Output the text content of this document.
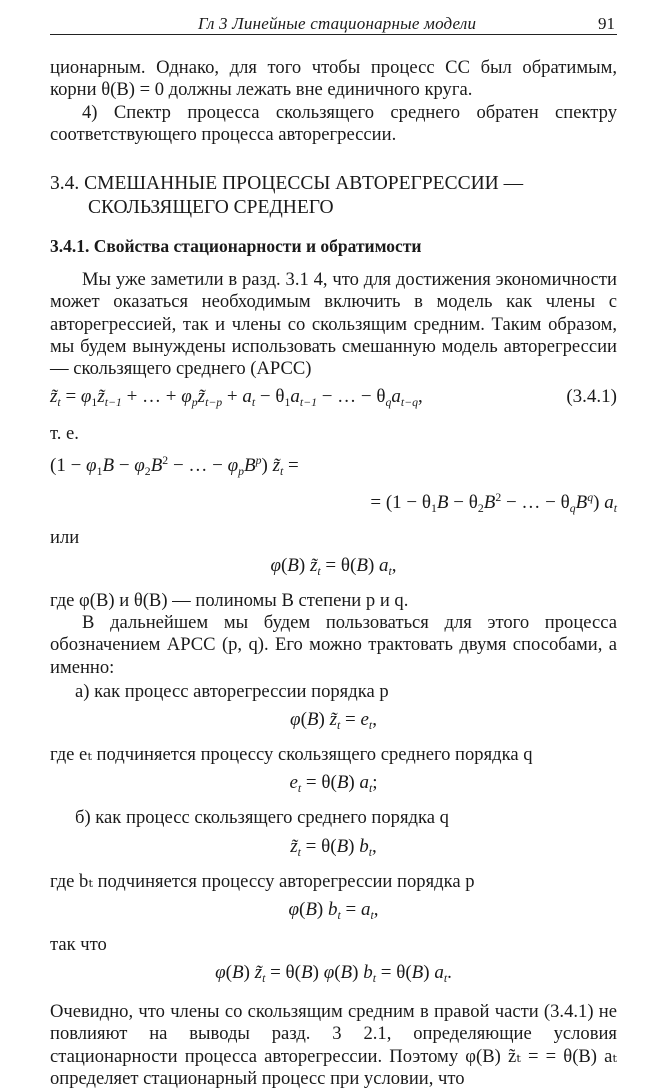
Гл 3 Линейные стационарные модели	91

ционарным. Однако, для того чтобы процесс СС был обратимым, корни θ(B) = 0 должны лежать вне единичного круга.

4) Спектр процесса скользящего среднего обратен спектру соответствующего процесса авторегрессии.

3.4. СМЕШАННЫЕ ПРОЦЕССЫ АВТОРЕГРЕССИИ —
СКОЛЬЗЯЩЕГО СРЕДНЕГО
3.4.1. Свойства стационарности и обратимости

Мы уже заметили в разд. 3.1 4, что для достижения экономичности может оказаться необходимым включить в модель как члены с авторегрессией, так и члены со скользящим средним. Таким образом, мы будем вынуждены использовать смешанную модель авторегрессии — скользящего среднего (АРСС)

$z̃_t$ = $\varphi_1z̃_{t-1}$ + … + $\varphi_pz̃_{t-p} + a_t - \theta_1a_{t-1}$ − … − $\theta_qa_{t-q}$,	(3.4.1)
т. е.
($1 - \varphi_1B - \varphi_2B^2$ − … − $\varphi_pB^p$) $z̃_t$ =
= ($1 - \theta_1B - \theta_2B^2$ − … − $\theta_qB^q$) $a_t$
или
φ(B) $z̃_t = \theta(B)$ $a_t$,

где φ(B) и θ(B) — полиномы B степени p и q.

В дальнейшем мы будем пользоваться для этого процесса обозначением АРСС (p, q). Его можно трактовать двумя способами, а именно:

а) как процесс авторегрессии порядка p
φ(B) $z̃_t = e_t$,

где eₜ подчиняется процессу скользящего среднего порядка q

$e_t = \theta(B)$ $a_t$;
б) как процесс скользящего среднего порядка q
$z̃_t = \theta(B)$ $b_t$,

где bₜ подчиняется процессу авторегрессии порядка p

φ(B) $b_t = a_t$,
так что
φ(B) $z̃_t = \theta(B)$ φ(B) $b_t = \theta(B)$ $a_t$.

Очевидно, что члены со скользящим средним в правой части (3.4.1) не повлияют на выводы разд. 3 2.1, определяющие условия стационарности процесса авторегрессии. Поэтому φ(B) z̃ₜ = = θ(B) aₜ определяет стационарный процесс при условии, что
